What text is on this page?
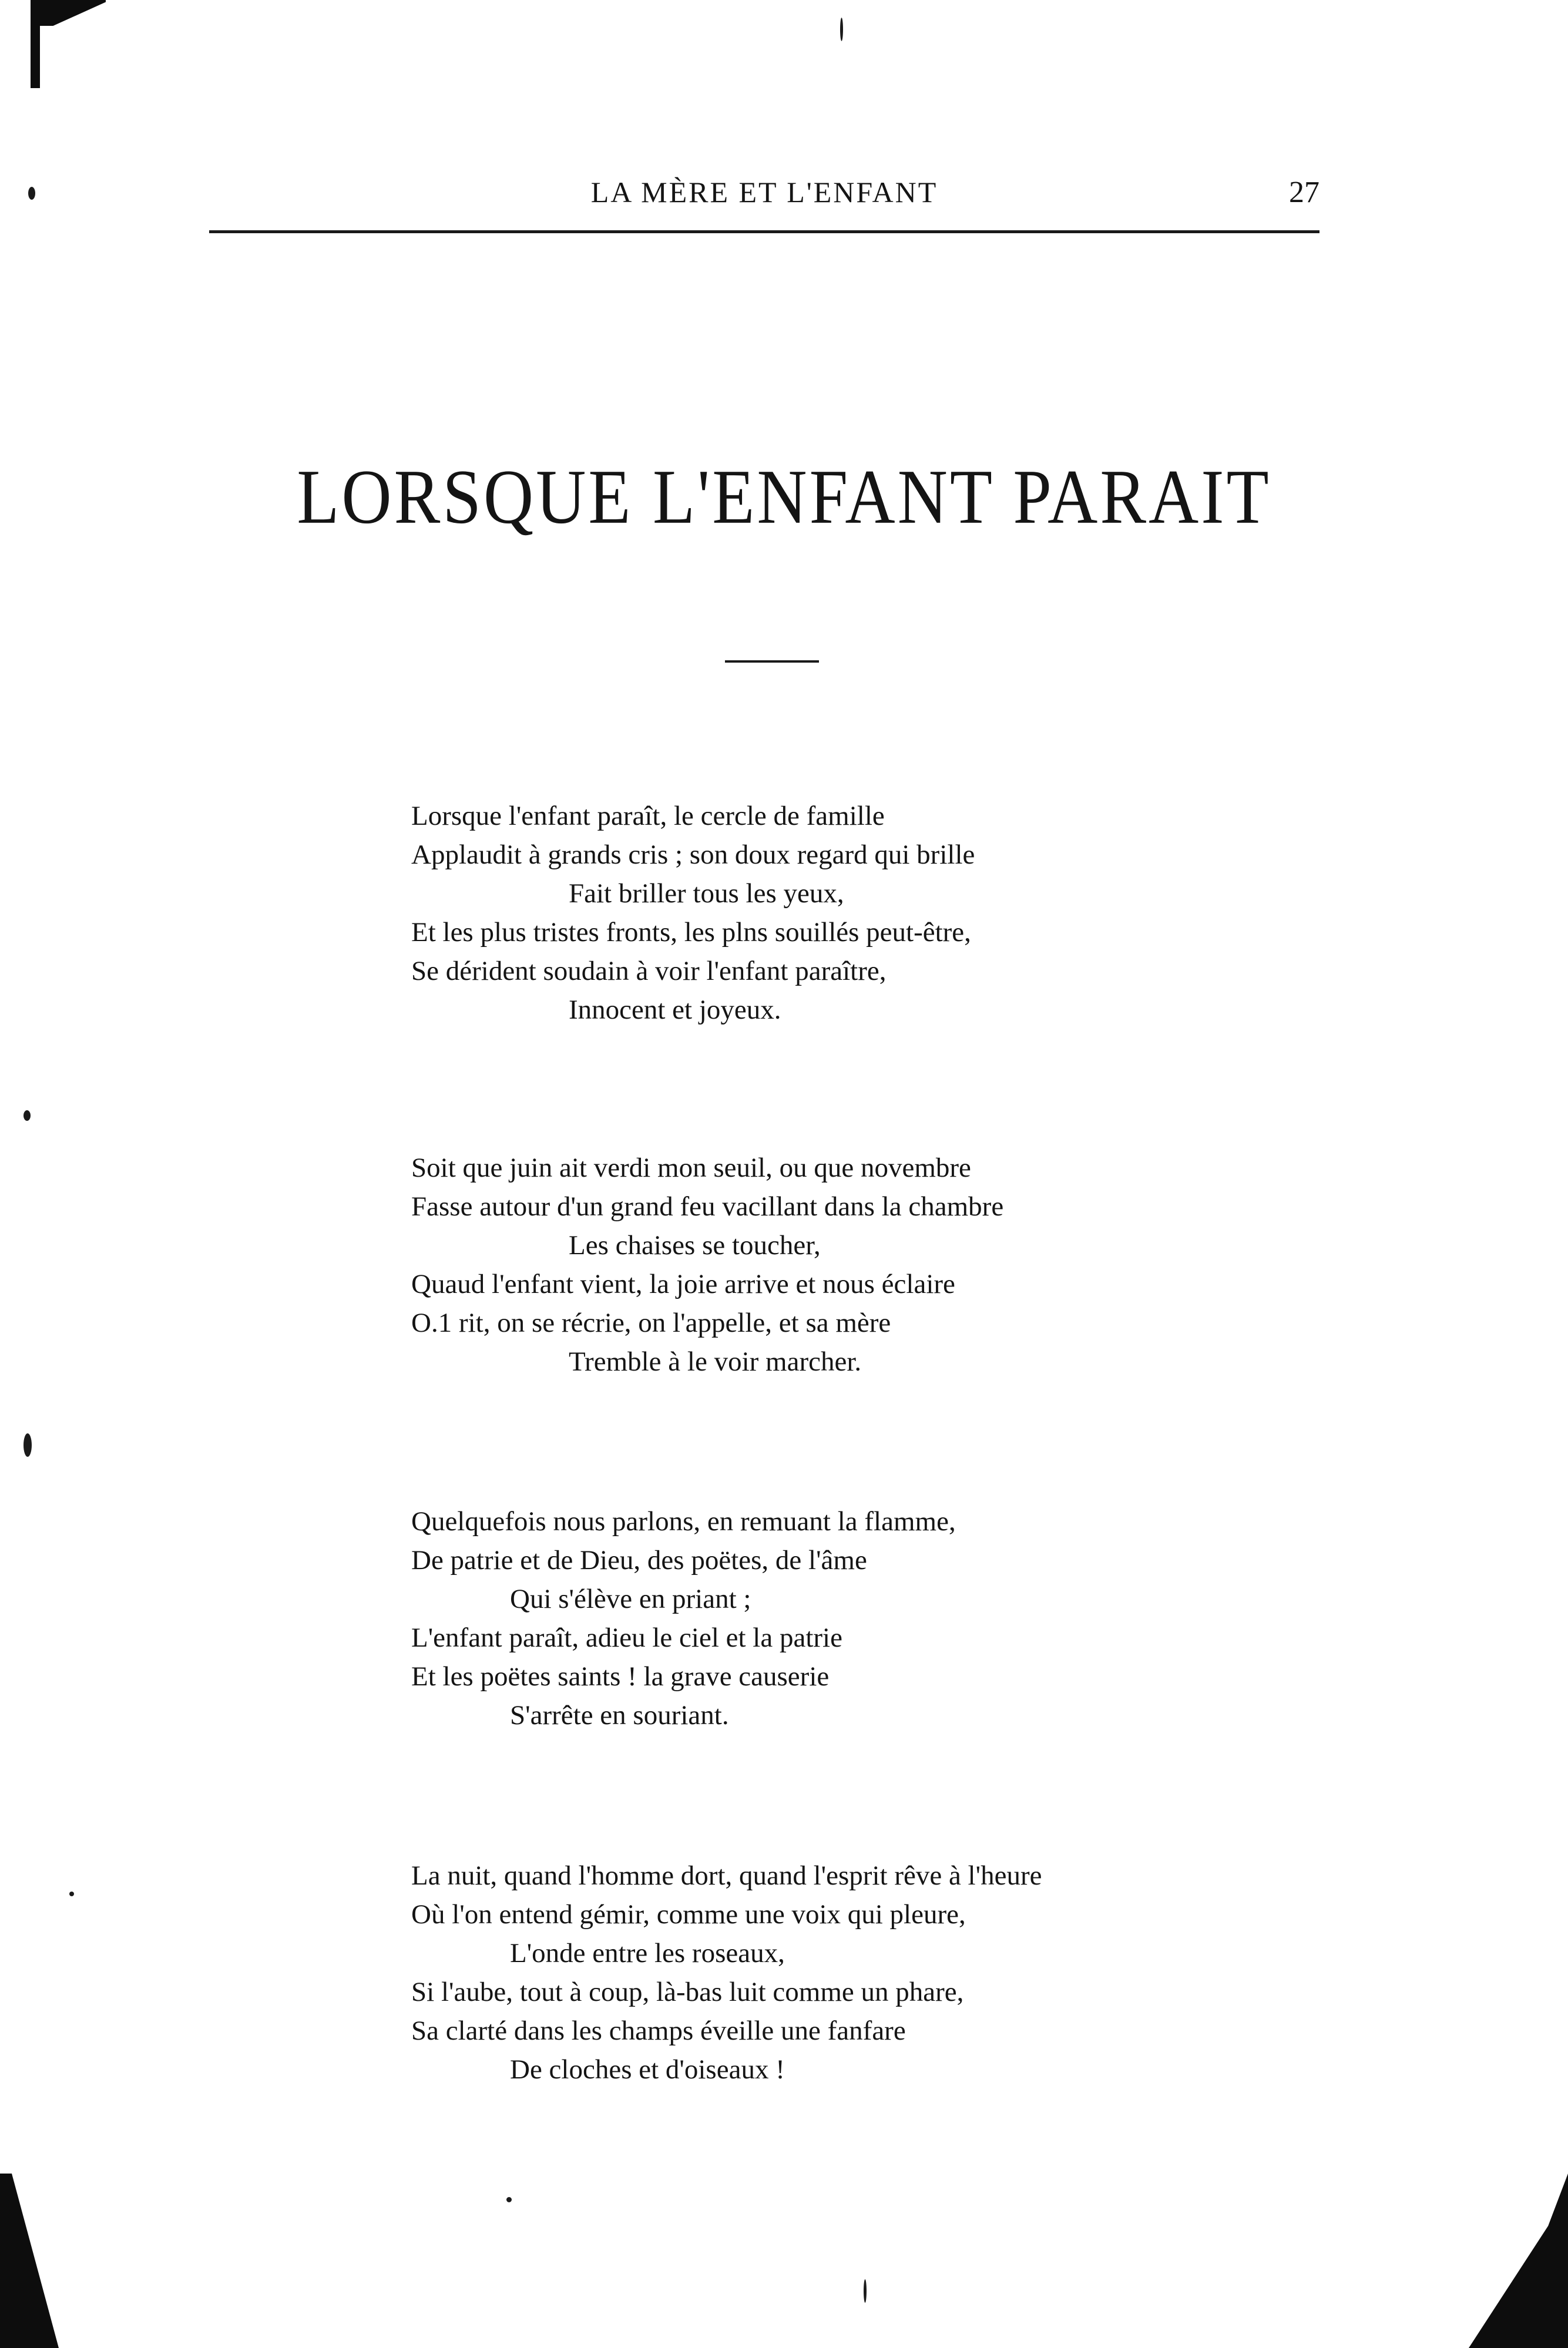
LA MÈRE ET L'ENFANT	27
LORSQUE L'ENFANT PARAIT
Lorsque l'enfant paraît, le cercle de famille
Applaudit à grands cris ; son doux regard qui brille
Fait briller tous les yeux,
Et les plus tristes fronts, les plns souillés peut-être,
Se dérident soudain à voir l'enfant paraître,
Innocent et joyeux.
Soit que juin ait verdi mon seuil, ou que novembre
Fasse autour d'un grand feu vacillant dans la chambre
Les chaises se toucher,
Quaud l'enfant vient, la joie arrive et nous éclaire
O.1 rit, on se récrie, on l'appelle, et sa mère
Tremble à le voir marcher.
Quelquefois nous parlons, en remuant la flamme,
De patrie et de Dieu, des poëtes, de l'âme
Qui s'élève en priant ;
L'enfant paraît, adieu le ciel et la patrie
Et les poëtes saints ! la grave causerie
S'arrête en souriant.
La nuit, quand l'homme dort, quand l'esprit rêve à l'heure
Où l'on entend gémir, comme une voix qui pleure,
L'onde entre les roseaux,
Si l'aube, tout à coup, là-bas luit comme un phare,
Sa clarté dans les champs éveille une fanfare
De cloches et d'oiseaux !
